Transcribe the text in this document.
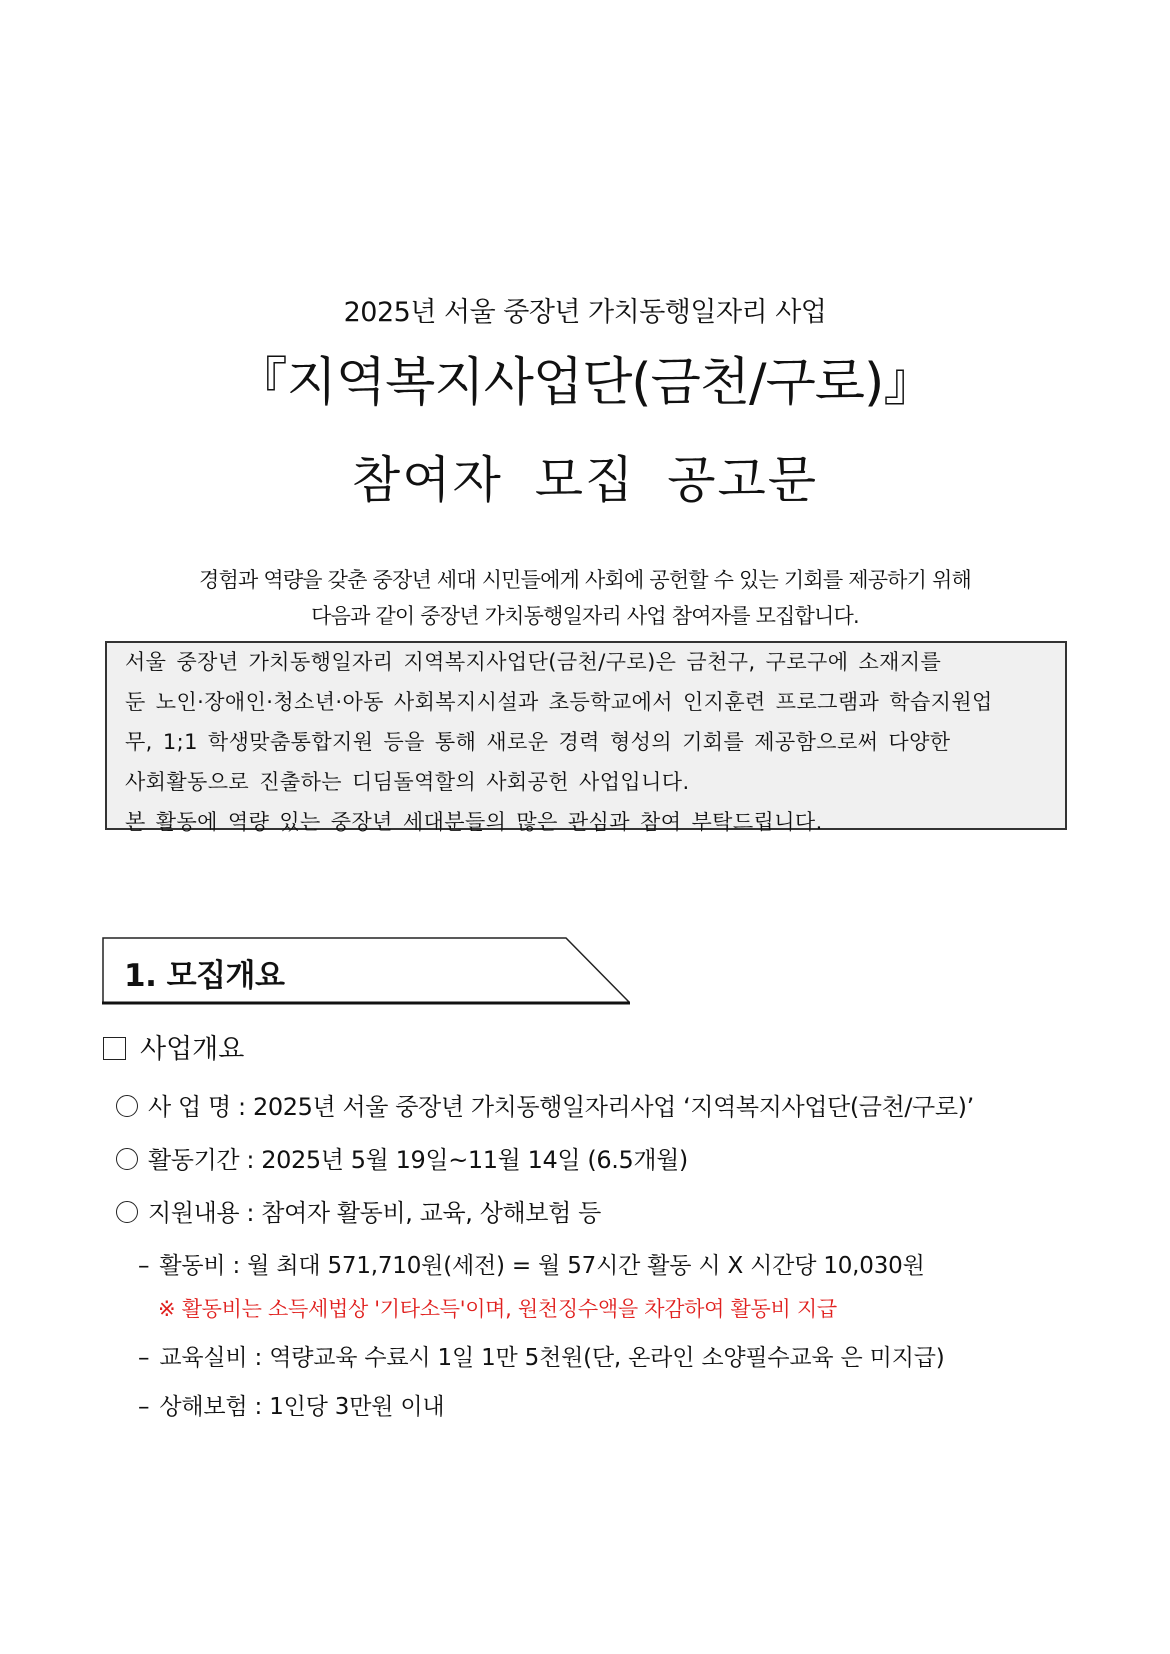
2025년 서울 중장년 가치동행일자리 사업
『지역복지사업단(금천/구로)』
참여자 모집 공고문
경험과 역량을 갖춘 중장년 세대 시민들에게 사회에 공헌할 수 있는 기회를 제공하기 위해
다음과 같이 중장년 가치동행일자리 사업 참여자를 모집합니다.
서울 중장년 가치동행일자리 지역복지사업단(금천/구로)은 금천구, 구로구에 소재지를
둔 노인·장애인·청소년·아동 사회복지시설과 초등학교에서 인지훈련 프로그램과 학습지원업
무, 1;1 학생맞춤통합지원 등을 통해 새로운 경력 형성의 기회를 제공함으로써 다양한
사회활동으로 진출하는 디딤돌역할의 사회공헌 사업입니다.
본 활동에 역량 있는 중장년 세대분들의 많은 관심과 참여 부탁드립니다.
1. 모집개요
사업개요
사 업 명 : 2025년 서울 중장년 가치동행일자리사업 ‘지역복지사업단(금천/구로)’
활동기간 : 2025년 5월 19일~11월 14일 (6.5개월)
지원내용 : 참여자 활동비, 교육, 상해보험 등
– 활동비 : 월 최대 571,710원(세전) = 월 57시간 활동 시 X 시간당 10,030원
※ 활동비는 소득세법상 '기타소득'이며, 원천징수액을 차감하여 활동비 지급
– 교육실비 : 역량교육 수료시 1일 1만 5천원(단, 온라인 소양필수교육 은 미지급)
– 상해보험 : 1인당 3만원 이내
